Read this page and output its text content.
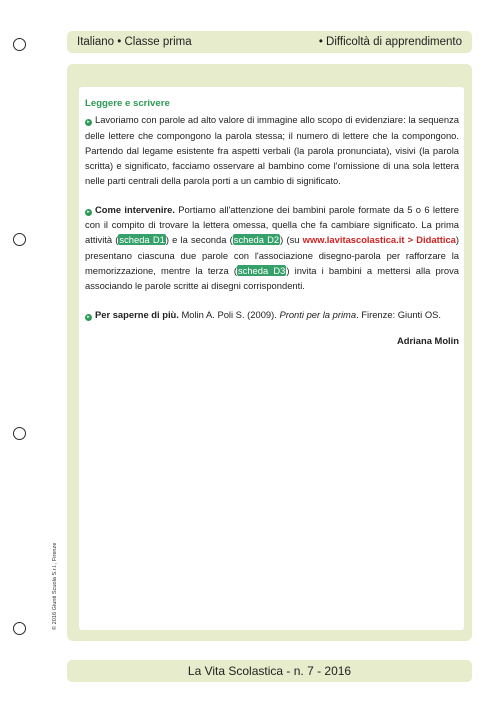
Italiano • Classe prima	• Difficoltà di apprendimento
Leggere e scrivere

▸ Lavoriamo con parole ad alto valore di immagine allo scopo di evidenziare: la sequenza delle lettere che compongono la parola stessa; il numero di lettere che la compongono. Partendo dal legame esistente fra aspetti verbali (la parola pronunciata), visivi (la parola scritta) e significato, facciamo osservare al bambino come l'omissione di una sola lettera nelle parti centrali della parola porti a un cambio di significato.

▸ Come intervenire. Portiamo all'attenzione dei bambini parole formate da 5 o 6 lettere con il compito di trovare la lettera omessa, quella che fa cambiare significato. La prima attività (scheda D1) e la seconda (scheda D2) (su www.lavitascolastica.it > Didattica) presentano ciascuna due parole con l'associazione disegno-parola per rafforzare la memorizzazione, mentre la terza (scheda D3) invita i bambini a mettersi alla prova associando le parole scritte ai disegni corrispondenti.

▸ Per saperne di più. Molin A. Poli S. (2009). Pronti per la prima. Firenze: Giunti OS.

Adriana Molin
© 2016 Giunti Scuola S.r.l., Firenze
La Vita Scolastica - n. 7 - 2016
